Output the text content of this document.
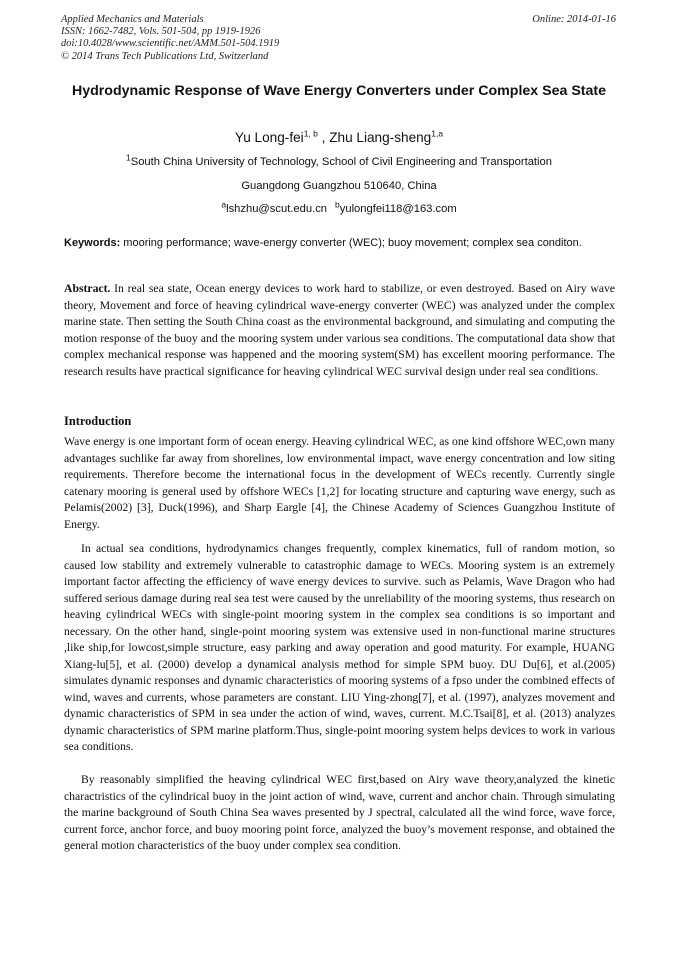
Applied Mechanics and Materials
ISSN: 1662-7482, Vols. 501-504, pp 1919-1926
doi:10.4028/www.scientific.net/AMM.501-504.1919
© 2014 Trans Tech Publications Ltd, Switzerland
Online: 2014-01-16
Hydrodynamic Response of Wave Energy Converters under Complex Sea State
Yu Long-fei$^{1, b}$ , Zhu Liang-sheng$^{1,a}$
$^1$South China University of Technology, School of Civil Engineering and Transportation
Guangdong Guangzhou 510640, China
$^a$lshzhu@scut.edu.cn $^b$yulongfei118@163.com
Keywords: mooring performance; wave-energy converter (WEC); buoy movement; complex sea conditon.
Abstract. In real sea state, Ocean energy devices to work hard to stabilize, or even destroyed. Based on Airy wave theory, Movement and force of heaving cylindrical wave-energy converter (WEC) was analyzed under the complex marine state. Then setting the South China coast as the environmental background, and simulating and computing the motion response of the buoy and the mooring system under various sea conditions. The computational data show that complex mechanical response was happened and the mooring system(SM) has excellent mooring performance. The research results have practical significance for heaving cylindrical WEC survival design under real sea conditions.
Introduction

Wave energy is one important form of ocean energy. Heaving cylindrical WEC, as one kind offshore WEC,own many advantages suchlike far away from shorelines, low environmental impact, wave energy concentration and low siting requirements. Therefore become the international focus in the development of WECs recently. Currently single catenary mooring is general used by offshore WECs [1,2] for locating structure and capturing wave energy, such as Pelamis(2002) [3], Duck(1996), and Sharp Eargle [4], the Chinese Academy of Sciences Guangzhou Institute of Energy.

In actual sea conditions, hydrodynamics changes frequently, complex kinematics, full of random motion, so caused low stability and extremely vulnerable to catastrophic damage to WECs. Mooring system is an extremely important factor affecting the efficiency of wave energy devices to survive. such as Pelamis, Wave Dragon who had suffered serious damage during real sea test were caused by the unreliability of the mooring systems, thus research on heaving cylindrical WECs with single-point mooring system in the complex sea conditions is so important and necessary. On the other hand, single-point mooring system was extensive used in non-functional marine structures ,like ship,for lowcost,simple structure, easy parking and away operation and good maturity. For example, HUANG Xiang-lu[5], et al. (2000) develop a dynamical analysis method for simple SPM buoy. DU Du[6], et al.(2005) simulates dynamic responses and dynamic characteristics of mooring systems of a fpso under the combined effects of wind, waves and currents, whose parameters are constant. LIU Ying-zhong[7], et al. (1997), analyzes movement and dynamic characteristics of SPM in sea under the action of wind, waves, current. M.C.Tsai[8], et al. (2013) analyzes dynamic characteristics of SPM marine platform.Thus, single-point mooring system helps devices to work in various sea conditions.

By reasonably simplified the heaving cylindrical WEC first,based on Airy wave theory,analyzed the kinetic charactristics of the cylindrical buoy in the joint action of wind, wave, current and anchor chain. Through simulating the marine background of South China Sea waves presented by J spectral, calculated all the wind force, wave force, current force, anchor force, and buoy mooring point force, analyzed the buoy’s movement response, and obtained the general motion characteristics of the buoy under complex sea condition.
